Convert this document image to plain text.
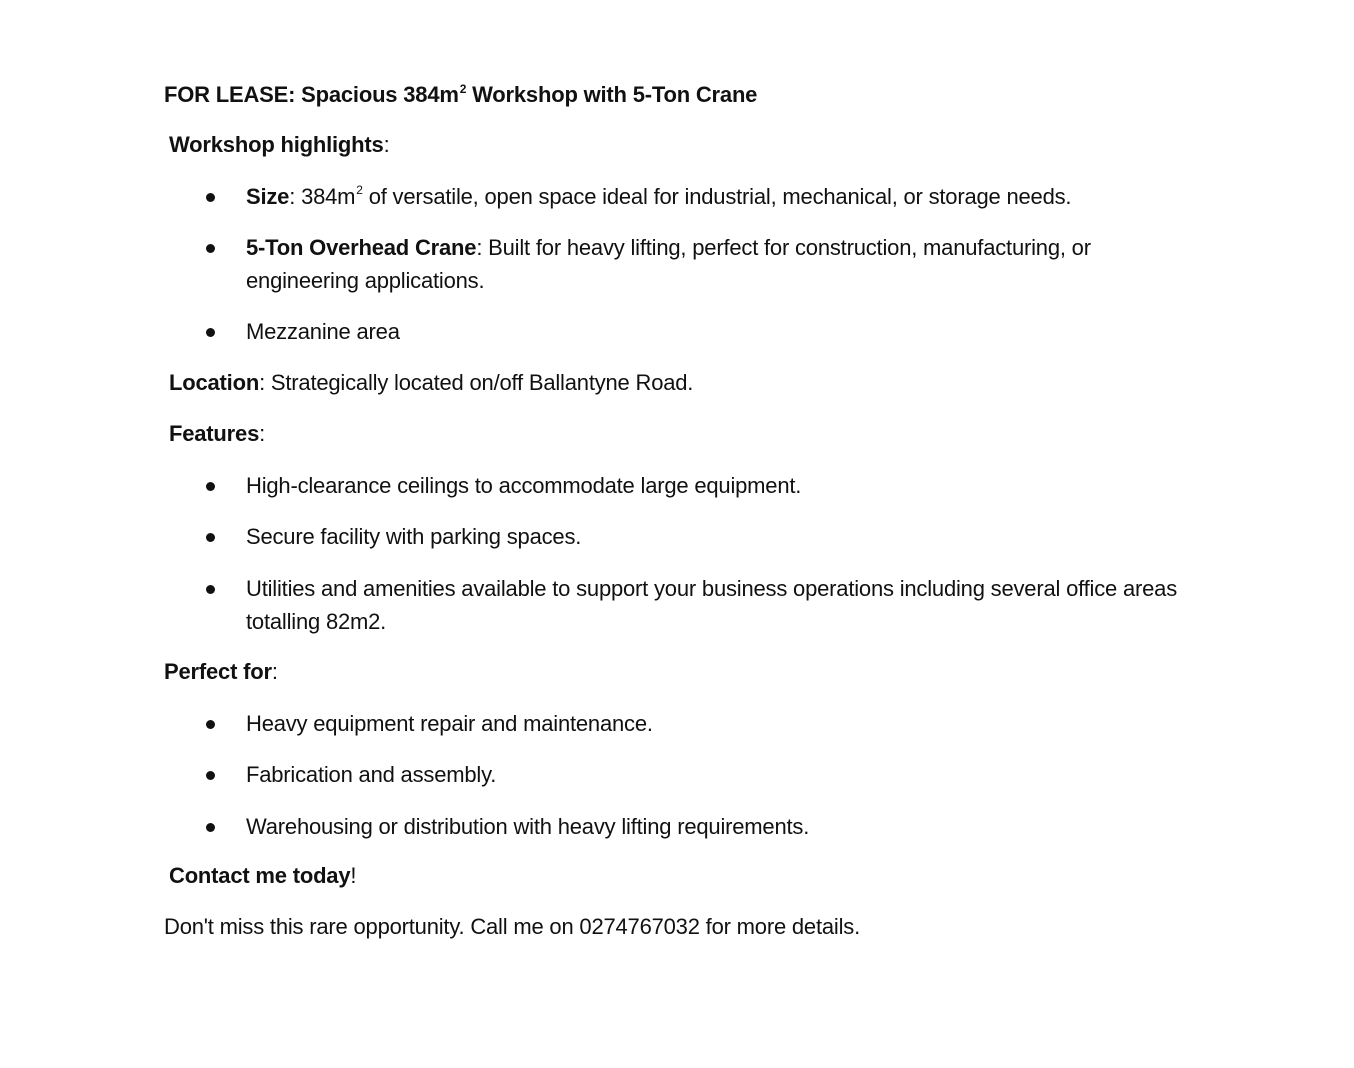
FOR LEASE: Spacious $384m^2$ Workshop with 5-Ton Crane
Workshop highlights:
Size: $384m^2$ of versatile, open space ideal for industrial, mechanical, or storage needs.
5-Ton Overhead Crane: Built for heavy lifting, perfect for construction, manufacturing, or engineering applications.
Mezzanine area
Location: Strategically located on/off Ballantyne Road.
Features:
High-clearance ceilings to accommodate large equipment.
Secure facility with parking spaces.
Utilities and amenities available to support your business operations including several office areas totalling 82m2.
Perfect for:
Heavy equipment repair and maintenance.
Fabrication and assembly.
Warehousing or distribution with heavy lifting requirements.
Contact me today!
Don't miss this rare opportunity. Call me on 0274767032 for more details.
